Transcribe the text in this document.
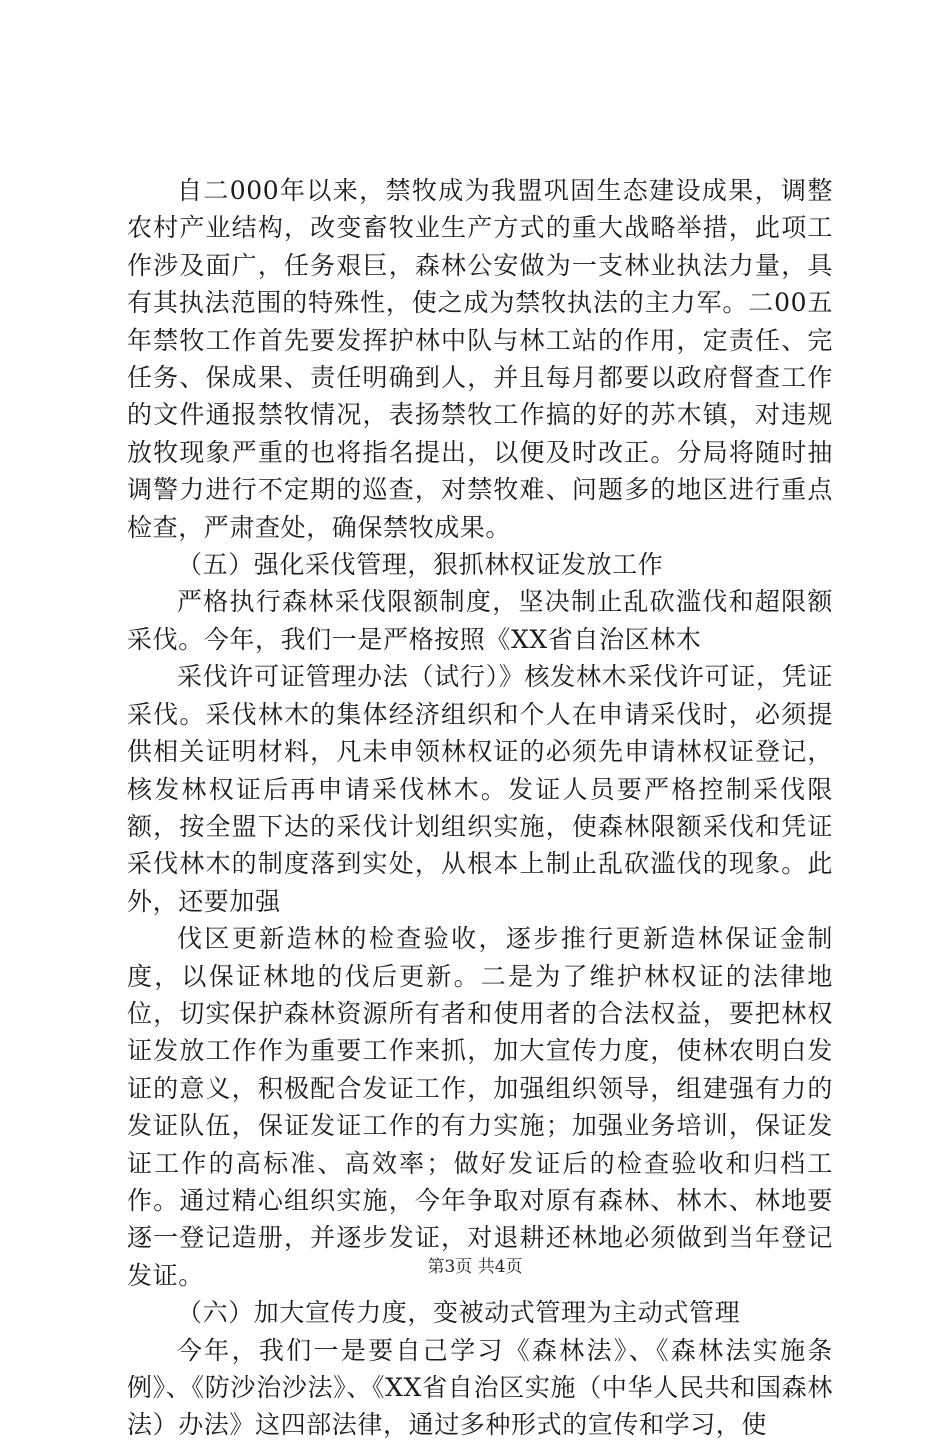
自二000年以来，禁牧成为我盟巩固生态建设成果，调整农村产业结构，改变畜牧业生产方式的重大战略举措，此项工作涉及面广，任务艰巨，森林公安做为一支林业执法力量，具有其执法范围的特殊性，使之成为禁牧执法的主力军。二00五年禁牧工作首先要发挥护林中队与林工站的作用，定责任、完任务、保成果、责任明确到人，并且每月都要以政府督查工作的文件通报禁牧情况，表扬禁牧工作搞的好的苏木镇，对违规放牧现象严重的也将指名提出，以便及时改正。分局将随时抽调警力进行不定期的巡查，对禁牧难、问题多的地区进行重点检查，严肃查处，确保禁牧成果。

（五）强化采伐管理，狠抓林权证发放工作

严格执行森林采伐限额制度，坚决制止乱砍滥伐和超限额采伐。今年，我们一是严格按照《XX省自治区林木

采伐许可证管理办法（试行）》核发林木采伐许可证，凭证采伐。采伐林木的集体经济组织和个人在申请采伐时，必须提供相关证明材料，凡未申领林权证的必须先申请林权证登记，核发林权证后再申请采伐林木。发证人员要严格控制采伐限额，按全盟下达的采伐计划组织实施，使森林限额采伐和凭证采伐林木的制度落到实处，从根本上制止乱砍滥伐的现象。此外，还要加强

伐区更新造林的检查验收，逐步推行更新造林保证金制度，以保证林地的伐后更新。二是为了维护林权证的法律地位，切实保护森林资源所有者和使用者的合法权益，要把林权证发放工作作为重要工作来抓，加大宣传力度，使林农明白发证的意义，积极配合发证工作，加强组织领导，组建强有力的发证队伍，保证发证工作的有力实施；加强业务培训，保证发证工作的高标准、高效率；做好发证后的检查验收和归档工作。通过精心组织实施，今年争取对原有森林、林木、林地要逐一登记造册，并逐步发证，对退耕还林地必须做到当年登记发证。

（六）加大宣传力度，变被动式管理为主动式管理

今年，我们一是要自己学习《森林法》、《森林法实施条例》、《防沙治沙法》、《XX省自治区实施（中华人民共和国森林法）办法》这四部法律，通过多种形式的宣传和学习，使

第3页 共4页
